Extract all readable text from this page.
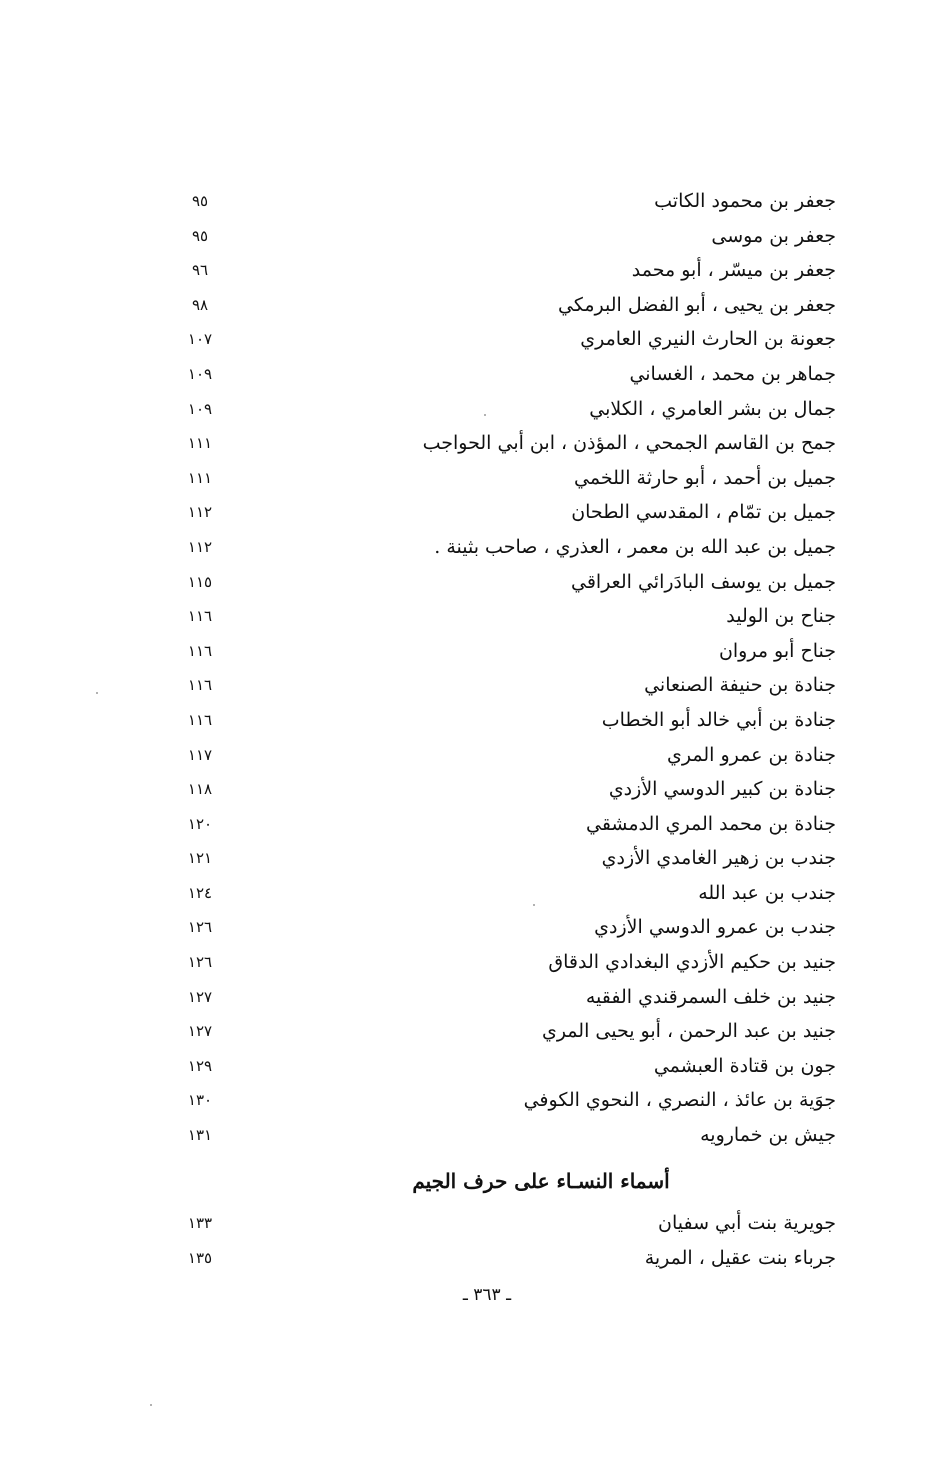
جعفر بن محمود الكاتب
٩٥
جعفر بن موسى
٩٥
جعفر بن ميسّر ، أبو محمد
٩٦
جعفر بن يحيى ، أبو الفضل البرمكي
٩٨
جعونة بن الحارث النيري العامري
١٠٧
جماهر بن محمد ، الغساني
١٠٩
جمال بن بشر العامري ، الكلابي
١٠٩
جمح بن القاسم الجمحي ، المؤذن ، ابن أبي الحواجب
١١١
جميل بن أحمد ، أبو حارثة اللخمي
١١١
جميل بن تمّام ، المقدسي الطحان
١١٢
جميل بن عبد الله بن معمر ، العذري ، صاحب بثينة .
١١٢
جميل بن يوسف البادَرائي العراقي
١١٥
جناح بن الوليد
١١٦
جناح أبو مروان
١١٦
جنادة بن حنيفة الصنعاني
١١٦
جنادة بن أبي خالد أبو الخطاب
١١٦
جنادة بن عمرو المري
١١٧
جنادة بن كبير الدوسي الأزدي
١١٨
جنادة بن محمد المري الدمشقي
١٢٠
جندب بن زهير الغامدي الأزدي
١٢١
جندب بن عبد الله
١٢٤
جندب بن عمرو الدوسي الأزدي
١٢٦
جنيد بن حكيم الأزدي البغدادي الدقاق
١٢٦
جنيد بن خلف السمرقندي الفقيه
١٢٧
جنيد بن عبد الرحمن ، أبو يحيى المري
١٢٧
جون بن قتادة العبشمي
١٢٩
جوَية بن عائذ ، النصري ، النحوي الكوفي
١٣٠
جيش بن خمارويه
١٣١
أسماء النسـاء على حرف الجيم
جويرية بنت أبي سفيان
١٣٣
جرباء بنت عقيل ، المرية
١٣٥
ـ ٣٦٣ ـ
